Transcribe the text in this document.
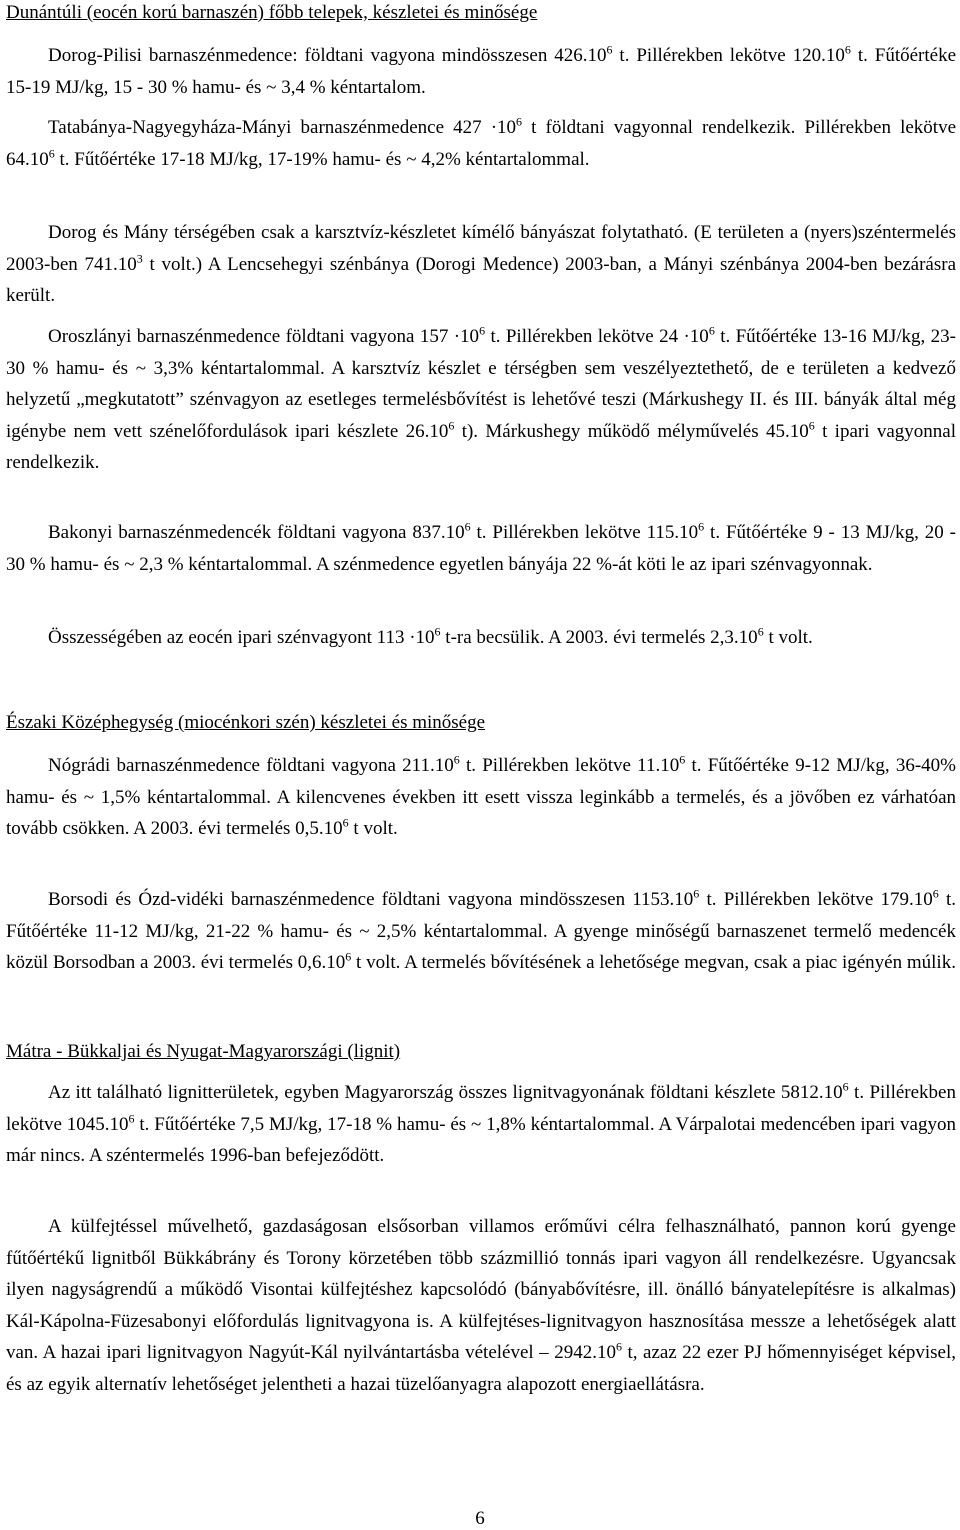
Dunántúli (eocén korú barnaszén) főbb telepek, készletei és minősége

Dorog-Pilisi barnaszénmedence: földtani vagyona mindösszesen 426.10$^6$ t. Pillérekben lekötve 120.10$^6$ t. Fűtőértéke 15-19 MJ/kg, 15 - 30 % hamu- és ~ 3,4 % kéntartalom.

Tatabánya-Nagyegyháza-Mányi barnaszénmedence $427 \cdot 10^6$ t földtani vagyonnal rendelkezik. Pillérekben lekötve 64.10$^6$ t. Fűtőértéke 17-18 MJ/kg, 17-19% hamu- és ~ 4,2% kéntartalommal.

Dorog és Mány térségében csak a karsztvíz-készletet kímélő bányászat folytatható. (E területen a (nyers)széntermelés 2003-ben 741.10$^3$ t volt.) A Lencsehegyi szénbánya (Dorogi Medence) 2003-ban, a Mányi szénbánya 2004-ben bezárásra került.

Oroszlányi barnaszénmedence földtani vagyona $157 \cdot 10^6$ t. Pillérekben lekötve $24 \cdot 10^6$ t. Fűtőértéke 13-16 MJ/kg, 23-30 % hamu- és ~ 3,3% kéntartalommal. A karsztvíz készlet e térségben sem veszélyeztethető, de e területen a kedvező helyzetű „megkutatott” szénvagyon az esetleges termelésbővítést is lehetővé teszi (Márkushegy II. és III. bányák által még igénybe nem vett szénelőfordulások ipari készlete 26.10$^6$ t). Márkushegy működő mélyművelés 45.10$^6$ t ipari vagyonnal rendelkezik.

Bakonyi barnaszénmedencék földtani vagyona 837.10$^6$ t. Pillérekben lekötve 115.10$^6$ t. Fűtőértéke 9 - 13 MJ/kg, 20 - 30 % hamu- és ~ 2,3 % kéntartalommal. A szénmedence egyetlen bányája 22 %-át köti le az ipari szénvagyonnak.

Összességében az eocén ipari szénvagyont $113 \cdot 10^6$ t-ra becsülik. A 2003. évi termelés 2,3.10$^6$ t volt.

Északi Középhegység (miocénkori szén) készletei és minősége

Nógrádi barnaszénmedence földtani vagyona 211.10$^6$ t. Pillérekben lekötve 11.10$^6$ t. Fűtőértéke 9-12 MJ/kg, 36-40% hamu- és ~ 1,5% kéntartalommal. A kilencvenes években itt esett vissza leginkább a termelés, és a jövőben ez várhatóan tovább csökken. A 2003. évi termelés 0,5.10$^6$ t volt.

Borsodi és Ózd-vidéki barnaszénmedence földtani vagyona mindösszesen 1153.10$^6$ t. Pillérekben lekötve 179.10$^6$ t. Fűtőértéke 11-12 MJ/kg, 21-22 % hamu- és ~ 2,5% kéntartalommal. A gyenge minőségű barnaszenet termelő medencék közül Borsodban a 2003. évi termelés 0,6.10$^6$ t volt. A termelés bővítésének a lehetősége megvan, csak a piac igényén múlik.

Mátra - Bükkaljai és Nyugat-Magyarországi (lignit)

Az itt található lignitterületek, egyben Magyarország összes lignitvagyonának földtani készlete 5812.10$^6$ t. Pillérekben lekötve 1045.10$^6$ t. Fűtőértéke 7,5 MJ/kg, 17-18 % hamu- és ~ 1,8% kéntartalommal. A Várpalotai medencében ipari vagyon már nincs. A széntermelés 1996-ban befejeződött.

A külfejtéssel művelhető, gazdaságosan elsősorban villamos erőművi célra felhasználható, pannon korú gyenge fűtőértékű lignitből Bükkábrány és Torony körzetében több százmillió tonnás ipari vagyon áll rendelkezésre. Ugyancsak ilyen nagyságrendű a működő Visontai külfejtéshez kapcsolódó (bányabővítésre, ill. önálló bányatelepítésre is alkalmas) Kál-Kápolna-Füzesabonyi előfordulás lignitvagyona is. A külfejtéses-lignitvagyon hasznosítása messze a lehetőségek alatt van. A hazai ipari lignitvagyon Nagyút-Kál nyilvántartásba vételével – 2942.10$^6$ t, azaz 22 ezer PJ hőmennyiséget képvisel, és az egyik alternatív lehetőséget jelentheti a hazai tüzelőanyagra alapozott energiaellátásra.

6
